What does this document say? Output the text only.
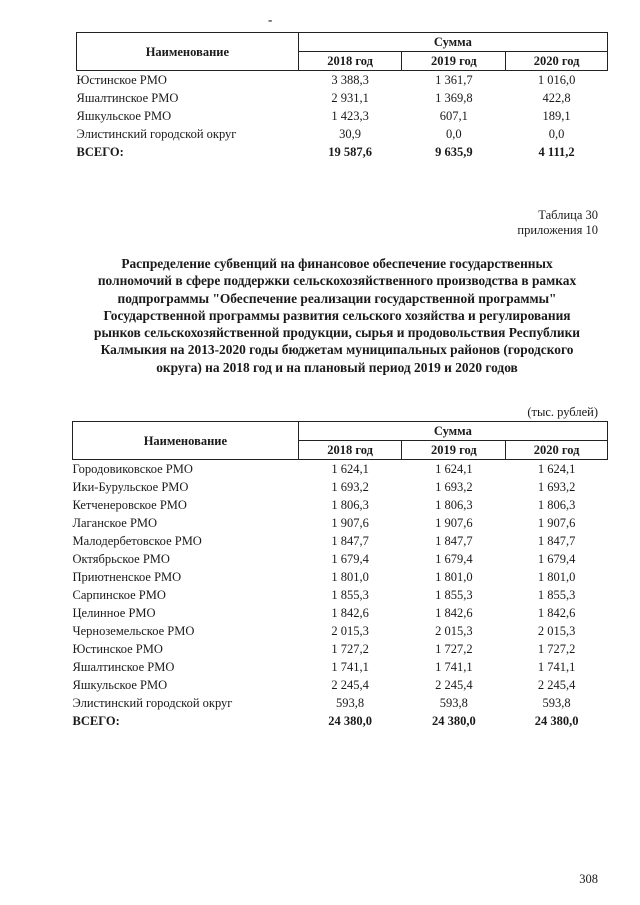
-
Наименование	Сумма		
	2018 год	2019 год	2020 год
Юстинское РМО	3 388,3	1 361,7	1 016,0
Яшалтинское РМО	2 931,1	1 369,8	422,8
Яшкульское РМО	1 423,3	607,1	189,1
Элистинский городской округ	30,9	0,0	0,0
ВСЕГО:	19 587,6	9 635,9	4 111,2
Таблица 30
приложения 10
Распределение субвенций на финансовое обеспечение государственных полномочий в сфере поддержки сельскохозяйственного производства в рамках подпрограммы "Обеспечение реализации государственной программы" Государственной программы развития сельского хозяйства и регулирования рынков сельскохозяйственной продукции, сырья и продовольствия Республики Калмыкия на 2013-2020 годы бюджетам муниципальных районов (городского округа) на 2018 год и на плановый период 2019 и 2020 годов
(тыс. рублей)
Наименование	Сумма		
	2018 год	2019 год	2020 год
Городовиковское РМО	1 624,1	1 624,1	1 624,1
Ики-Бурульское РМО	1 693,2	1 693,2	1 693,2
Кетченеровское РМО	1 806,3	1 806,3	1 806,3
Лаганское РМО	1 907,6	1 907,6	1 907,6
Малодербетовское РМО	1 847,7	1 847,7	1 847,7
Октябрьское РМО	1 679,4	1 679,4	1 679,4
Приютненское РМО	1 801,0	1 801,0	1 801,0
Сарпинское РМО	1 855,3	1 855,3	1 855,3
Целинное РМО	1 842,6	1 842,6	1 842,6
Черноземельское РМО	2 015,3	2 015,3	2 015,3
Юстинское РМО	1 727,2	1 727,2	1 727,2
Яшалтинское РМО	1 741,1	1 741,1	1 741,1
Яшкульское РМО	2 245,4	2 245,4	2 245,4
Элистинский городской округ	593,8	593,8	593,8
ВСЕГО:	24 380,0	24 380,0	24 380,0
308
